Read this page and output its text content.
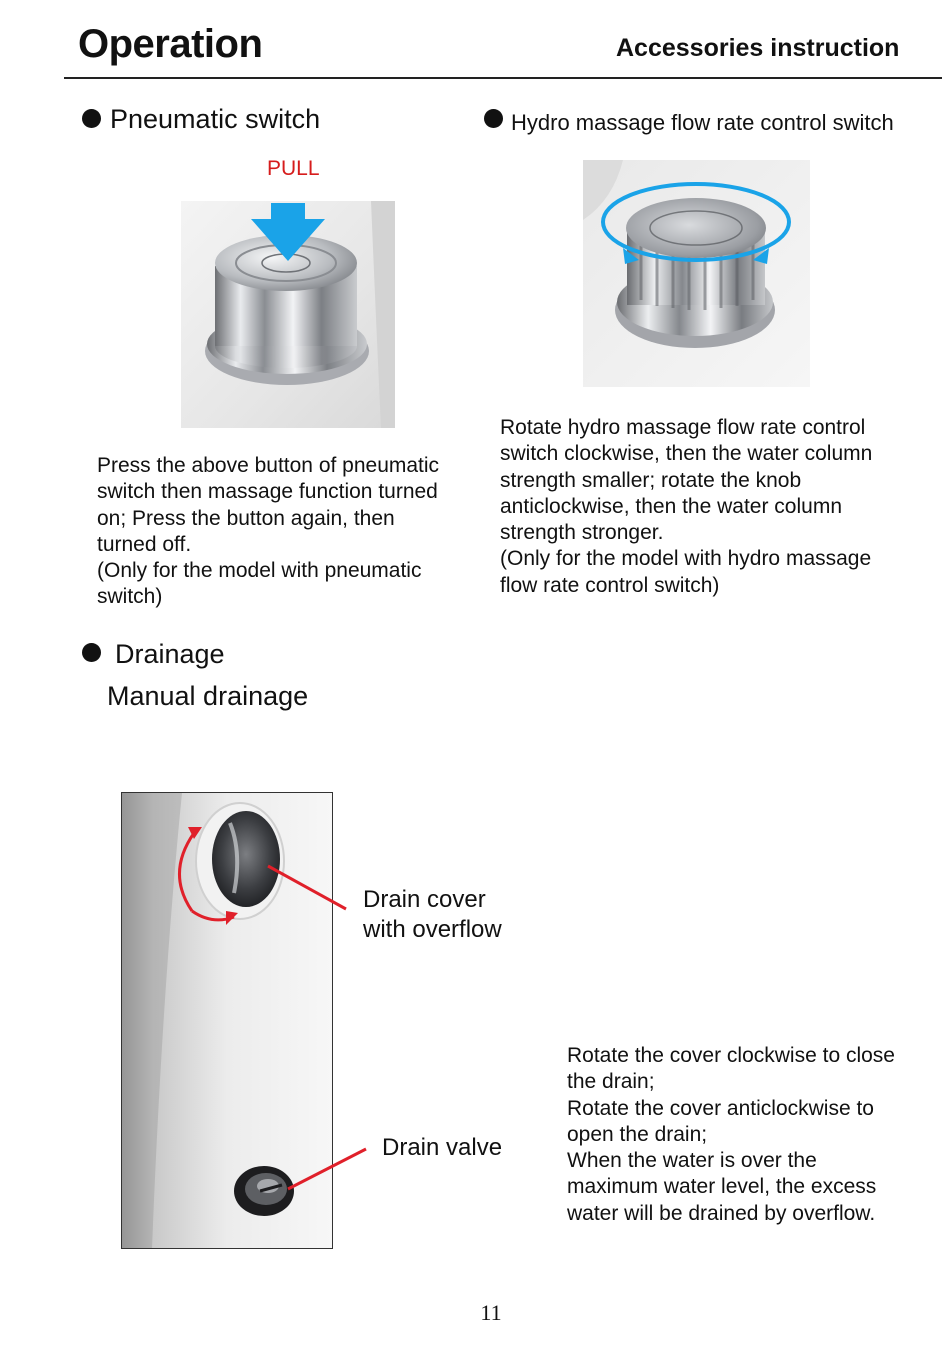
Operation	Accessories instruction
Pneumatic switch
PULL
Press the above button of pneumatic
switch then massage function turned
on; Press the button again, then
turned off.
(Only for the model with pneumatic
switch)
Hydro massage flow rate control switch
Rotate hydro massage flow rate control
switch clockwise, then the water column
strength smaller; rotate the knob
anticlockwise, then the water column
strength stronger.
(Only for the model with hydro massage
flow rate control switch)
Drainage
Manual drainage
Drain cover
with overflow
Drain valve
Rotate the cover clockwise to close
the drain;
Rotate the cover anticlockwise to
open the drain;
When the water is over the
maximum water level, the excess
water will be drained by overflow.
11
